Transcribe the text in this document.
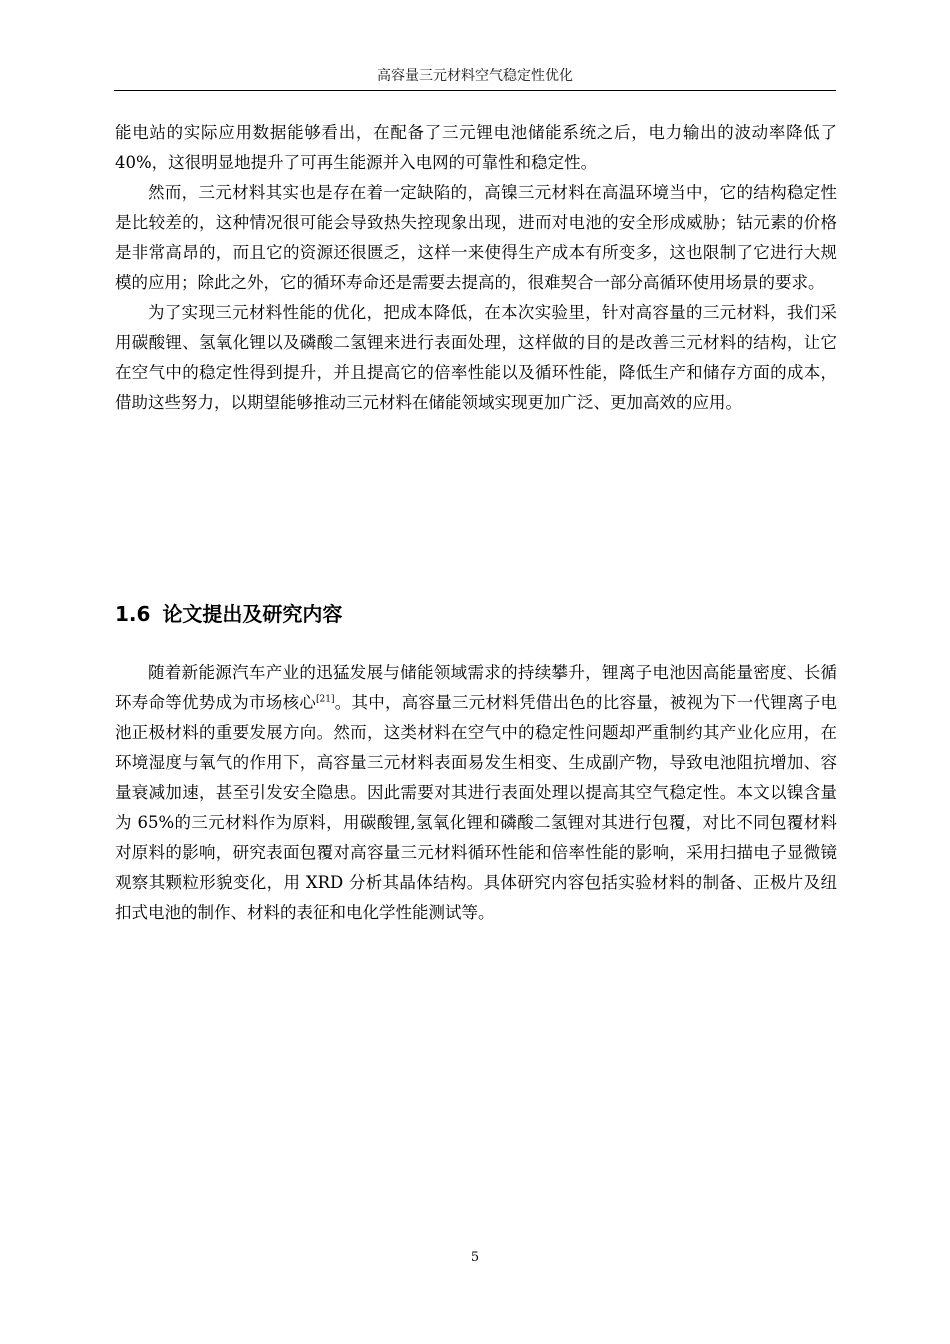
高容量三元材料空气稳定性优化

能电站的实际应用数据能够看出，在配备了三元锂电池储能系统之后，电力输出的波动率降低了 40%，这很明显地提升了可再生能源并入电网的可靠性和稳定性。

然而，三元材料其实也是存在着一定缺陷的，高镍三元材料在高温环境当中，它的结构稳定性是比较差的，这种情况很可能会导致热失控现象出现，进而对电池的安全形成威胁；钴元素的价格是非常高昂的，而且它的资源还很匮乏，这样一来使得生产成本有所变多，这也限制了它进行大规模的应用；除此之外，它的循环寿命还是需要去提高的，很难契合一部分高循环使用场景的要求。

为了实现三元材料性能的优化，把成本降低，在本次实验里，针对高容量的三元材料，我们采用碳酸锂、氢氧化锂以及磷酸二氢锂来进行表面处理，这样做的目的是改善三元材料的结构，让它在空气中的稳定性得到提升，并且提高它的倍率性能以及循环性能，降低生产和储存方面的成本，借助这些努力，以期望能够推动三元材料在储能领域实现更加广泛、更加高效的应用。

1.6 论文提出及研究内容

随着新能源汽车产业的迅猛发展与储能领域需求的持续攀升，锂离子电池因高能量密度、长循环寿命等优势成为市场核心[21]。其中，高容量三元材料凭借出色的比容量，被视为下一代锂离子电池正极材料的重要发展方向。然而，这类材料在空气中的稳定性问题却严重制约其产业化应用，在环境湿度与氧气的作用下，高容量三元材料表面易发生相变、生成副产物，导致电池阻抗增加、容量衰减加速，甚至引发安全隐患。因此需要对其进行表面处理以提高其空气稳定性。本文以镍含量为 65%的三元材料作为原料，用碳酸锂,氢氧化锂和磷酸二氢锂对其进行包覆，对比不同包覆材料对原料的影响，研究表面包覆对高容量三元材料循环性能和倍率性能的影响，采用扫描电子显微镜观察其颗粒形貌变化，用 XRD 分析其晶体结构。具体研究内容包括实验材料的制备、正极片及纽扣式电池的制作、材料的表征和电化学性能测试等。

5
